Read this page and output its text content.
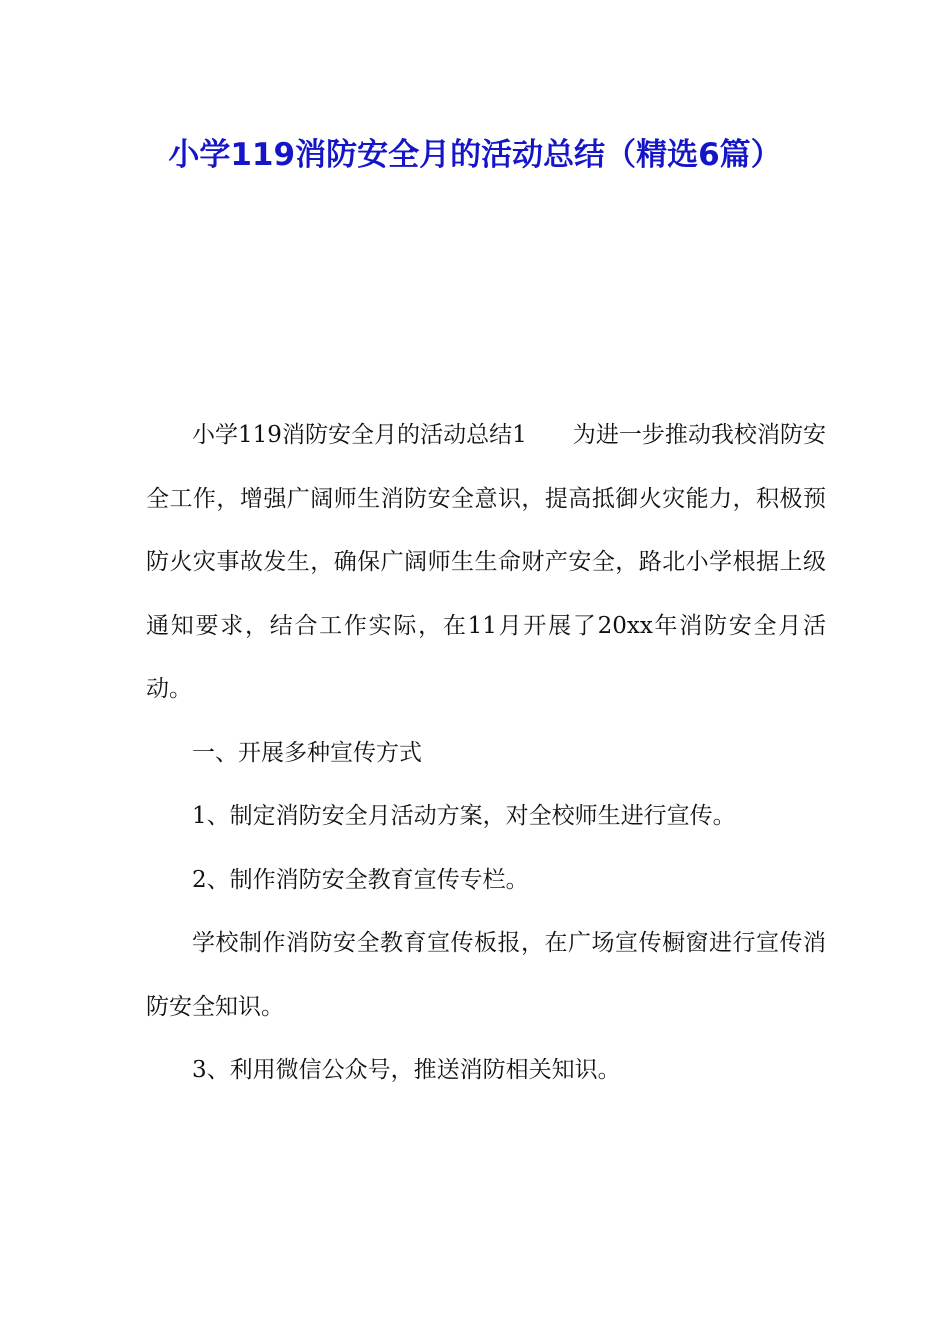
小学119消防安全月的活动总结（精选6篇）

小学119消防安全月的活动总结1 为进一步推动我校消防安全工作，增强广阔师生消防安全意识，提高抵御火灾能力，积极预防火灾事故发生，确保广阔师生生命财产安全，路北小学根据上级通知要求，结合工作实际，在11月开展了20xx年消防安全月活动。

一、开展多种宣传方式

1、制定消防安全月活动方案，对全校师生进行宣传。

2、制作消防安全教育宣传专栏。

学校制作消防安全教育宣传板报，在广场宣传橱窗进行宣传消防安全知识。

3、利用微信公众号，推送消防相关知识。
